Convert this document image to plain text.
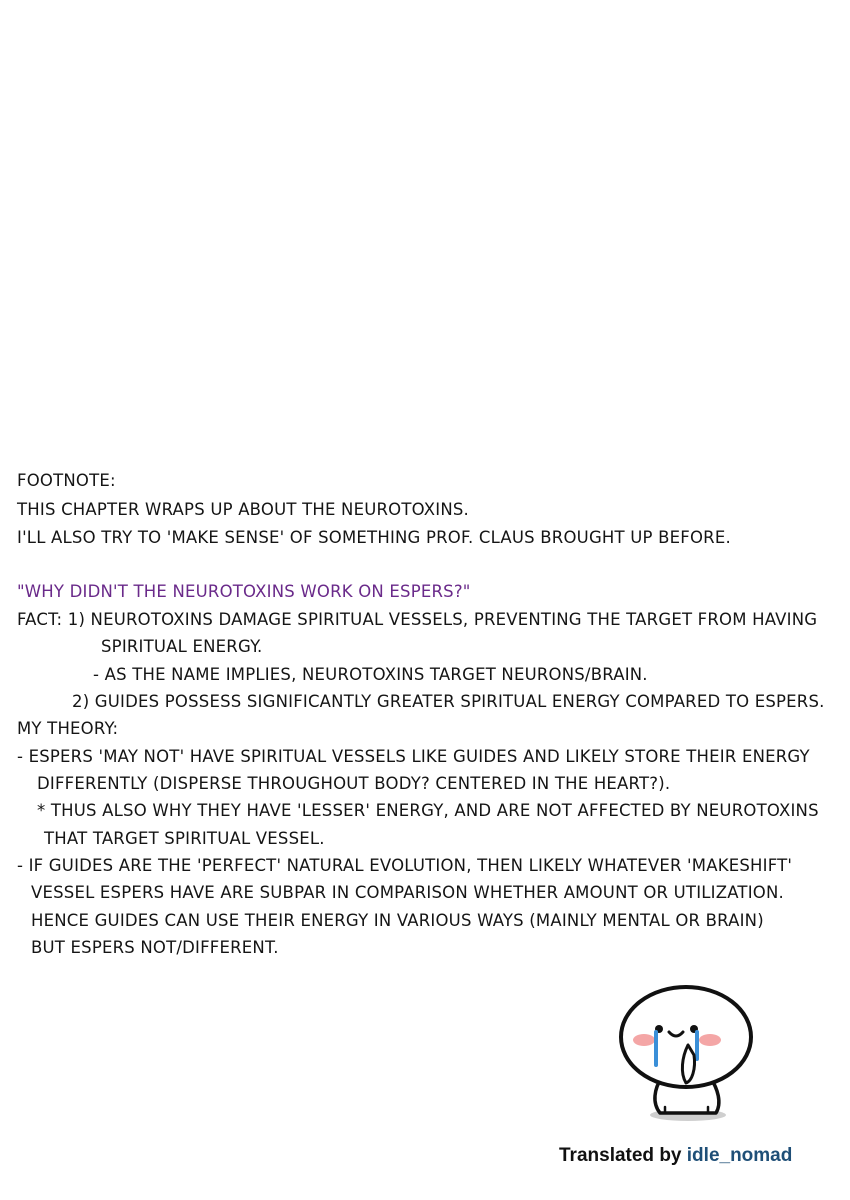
FOOTNOTE:
THIS CHAPTER WRAPS UP ABOUT THE NEUROTOXINS.
I'LL ALSO TRY TO 'MAKE SENSE' OF SOMETHING PROF. CLAUS BROUGHT UP BEFORE.
"WHY DIDN'T THE NEUROTOXINS WORK ON ESPERS?"
FACT: 1) NEUROTOXINS DAMAGE SPIRITUAL VESSELS, PREVENTING THE TARGET FROM HAVING
SPIRITUAL ENERGY.
- AS THE NAME IMPLIES, NEUROTOXINS TARGET NEURONS/BRAIN.
2) GUIDES POSSESS SIGNIFICANTLY GREATER SPIRITUAL ENERGY COMPARED TO ESPERS.
MY THEORY:
- ESPERS 'MAY NOT' HAVE SPIRITUAL VESSELS LIKE GUIDES AND LIKELY STORE THEIR ENERGY
DIFFERENTLY (DISPERSE THROUGHOUT BODY? CENTERED IN THE HEART?).
* THUS ALSO WHY THEY HAVE 'LESSER' ENERGY, AND ARE NOT AFFECTED BY NEUROTOXINS
THAT TARGET SPIRITUAL VESSEL.
- IF GUIDES ARE THE 'PERFECT' NATURAL EVOLUTION, THEN LIKELY WHATEVER 'MAKESHIFT'
VESSEL ESPERS HAVE ARE SUBPAR IN COMPARISON WHETHER AMOUNT OR UTILIZATION.
HENCE GUIDES CAN USE THEIR ENERGY IN VARIOUS WAYS (MAINLY MENTAL OR BRAIN)
BUT ESPERS NOT/DIFFERENT.
Translated by idle_nomad
